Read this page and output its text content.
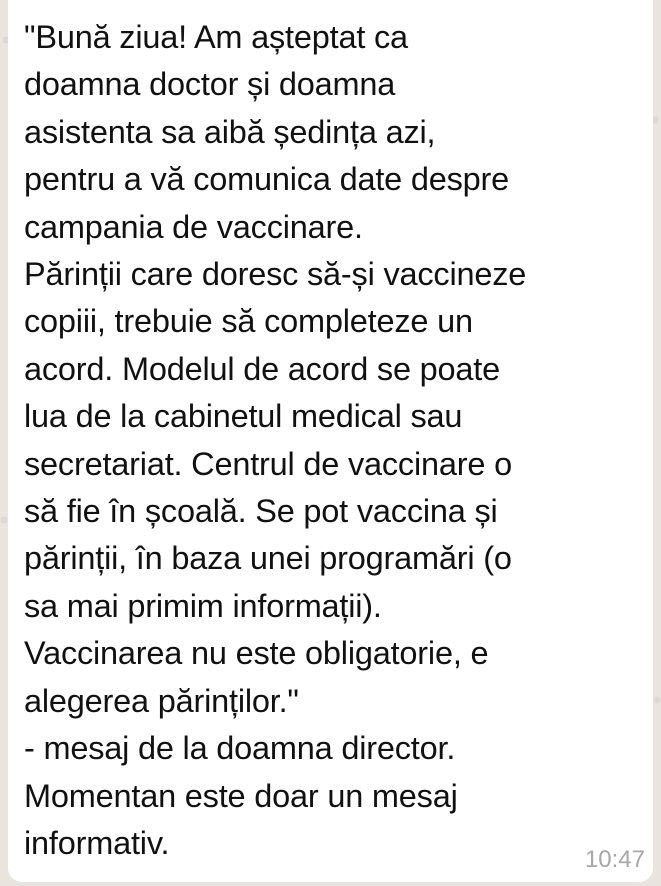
"Bună ziua! Am așteptat ca
doamna doctor și doamna
asistenta sa aibă ședința azi,
pentru a vă comunica date despre
campania de vaccinare.
Părinții care doresc să-și vaccineze
copiii, trebuie să completeze un
acord. Modelul de acord se poate
lua de la cabinetul medical sau
secretariat. Centrul de vaccinare o
să fie în școală. Se pot vaccina și
părinții, în baza unei programări (o
sa mai primim informații).
Vaccinarea nu este obligatorie, e
alegerea părinților."
- mesaj de la doamna director.
Momentan este doar un mesaj
informativ.	10:47
